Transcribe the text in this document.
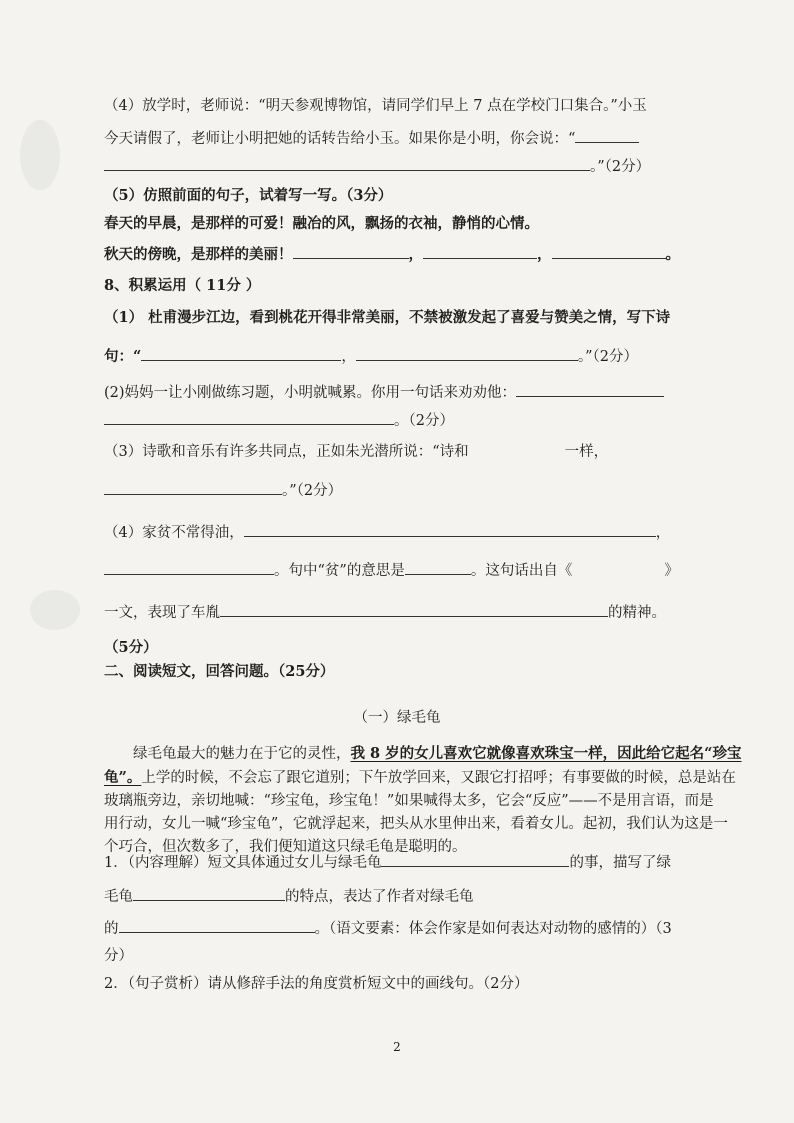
（4）放学时，老师说：“明天参观博物馆，请同学们早上 7 点在学校门口集合。”小玉
今天请假了，老师让小明把她的话转告给小玉。如果你是小明，你会说：“
。”（2分）
（5）仿照前面的句子，试着写一写。（3分）
春天的早晨，是那样的可爱！融冶的风，飘扬的衣袖，静悄的心情。
秋天的傍晚，是那样的美丽！	，	，	。
8、积累运用（ 11分 ）
（1） 杜甫漫步江边，看到桃花开得非常美丽，不禁被激发起了喜爱与赞美之情，写下诗
句：“	，	。”（2分）
(2)妈妈一让小刚做练习题，小明就喊累。你用一句话来劝劝他：
。（2分）
（3）诗歌和音乐有许多共同点，正如朱光潜所说：“诗和	一样，
。”（2分）
（4）家贫不常得油，	，
。句中“贫”的意思是	。这句话出自《	》
一文，表现了车胤	的精神。
（5分）
二、阅读短文，回答问题。（25分）
（一）绿毛龟
绿毛龟最大的魅力在于它的灵性，我 8 岁的女儿喜欢它就像喜欢珠宝一样，因此给它起名“珍宝
龟”。上学的时候，不会忘了跟它道别；下午放学回来，又跟它打招呼；有事要做的时候，总是站在
玻璃瓶旁边，亲切地喊：“珍宝龟，珍宝龟！”如果喊得太多，它会“反应”——不是用言语，而是
用行动，女儿一喊“珍宝龟”，它就浮起来，把头从水里伸出来，看着女儿。起初，我们认为这是一
个巧合，但次数多了，我们便知道这只绿毛龟是聪明的。
1．（内容理解）短文具体通过女儿与绿毛龟	的事，描写了绿
毛龟	的特点，表达了作者对绿毛龟
的	。（语文要素：体会作家是如何表达对动物的感情的）（3
分）
2．（句子赏析）请从修辞手法的角度赏析短文中的画线句。（2分）
2
